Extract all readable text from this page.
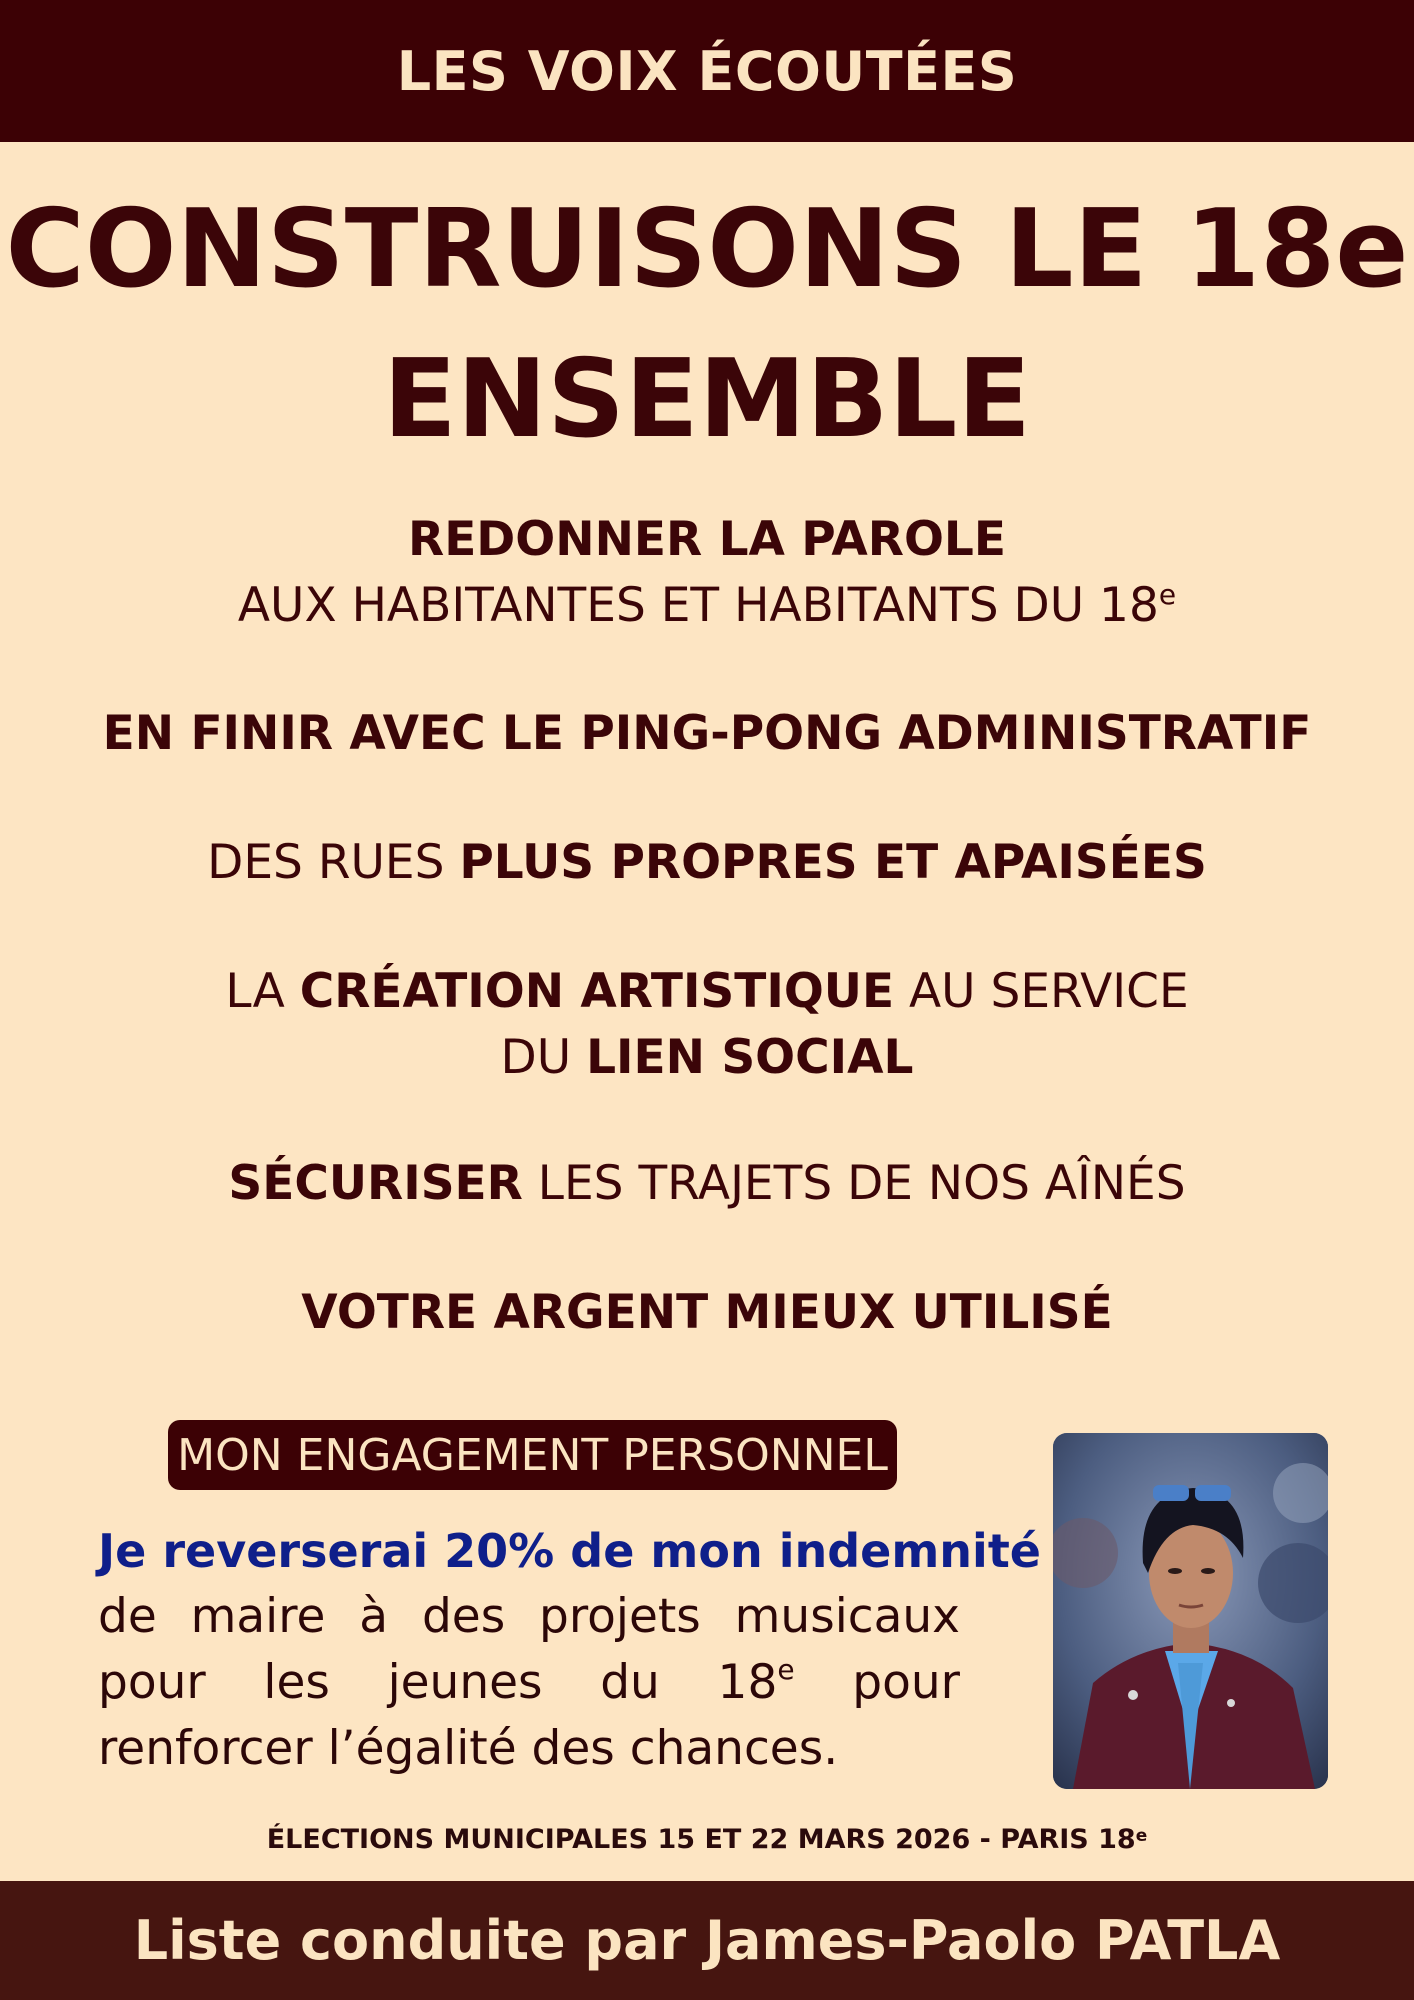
LES VOIX ÉCOUTÉES
CONSTRUISONS LE 18e
ENSEMBLE
REDONNER LA PAROLE
AUX HABITANTES ET HABITANTS DU 18e
EN FINIR AVEC LE PING-PONG ADMINISTRATIF
DES RUES PLUS PROPRES ET APAISÉES
LA CRÉATION ARTISTIQUE AU SERVICE
DU LIEN SOCIAL
SÉCURISER LES TRAJETS DE NOS AÎNÉS
VOTRE ARGENT MIEUX UTILISÉ
MON ENGAGEMENT PERSONNEL
Je reverserai 20% de mon indemnité
de maire à des projets musicaux pour les jeunes du 18e pour renforcer l’égalité des chances.
ÉLECTIONS MUNICIPALES 15 ET 22 MARS 2026 - PARIS 18e
Liste conduite par James-Paolo PATLA
